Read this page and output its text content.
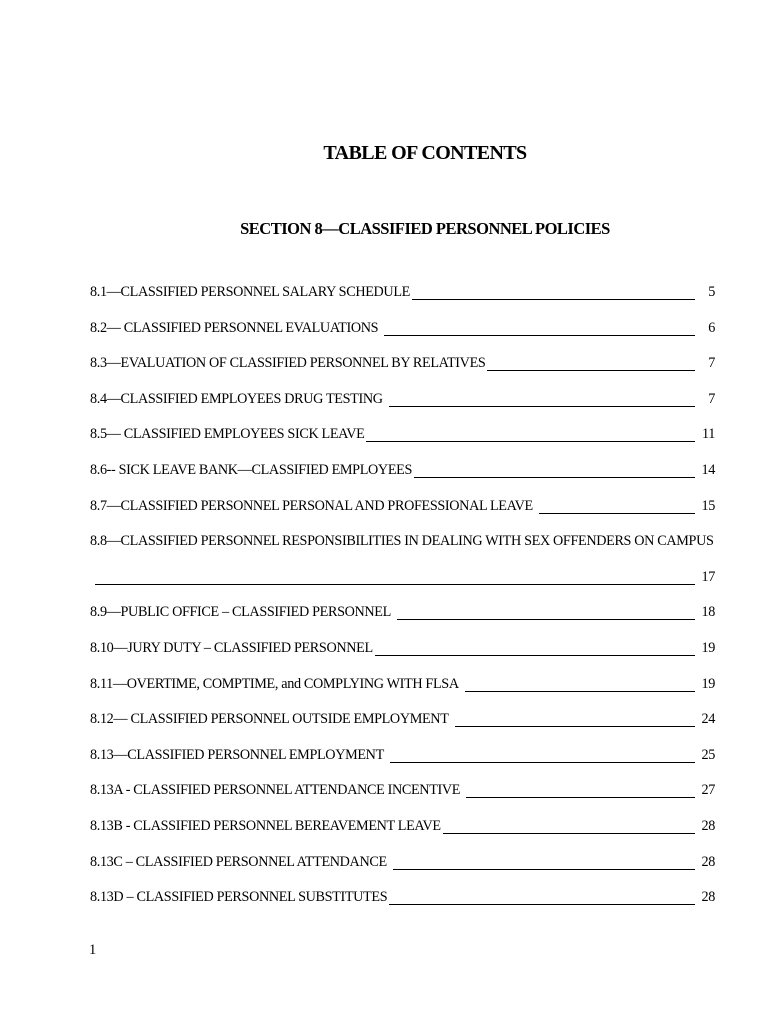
TABLE OF CONTENTS
SECTION 8—CLASSIFIED PERSONNEL POLICIES
8.1—CLASSIFIED PERSONNEL SALARY SCHEDULE	5
8.2— CLASSIFIED PERSONNEL EVALUATIONS	6
8.3—EVALUATION OF CLASSIFIED PERSONNEL BY RELATIVES	7
8.4—CLASSIFIED EMPLOYEES DRUG TESTING	7
8.5— CLASSIFIED EMPLOYEES SICK LEAVE	11
8.6-- SICK LEAVE BANK—CLASSIFIED EMPLOYEES	14
8.7—CLASSIFIED PERSONNEL PERSONAL AND PROFESSIONAL LEAVE	15
8.8—CLASSIFIED PERSONNEL RESPONSIBILITIES IN DEALING WITH SEX OFFENDERS ON CAMPUS
17
8.9—PUBLIC OFFICE – CLASSIFIED PERSONNEL	18
8.10—JURY DUTY – CLASSIFIED PERSONNEL	19
8.11—OVERTIME, COMPTIME, and COMPLYING WITH FLSA	19
8.12— CLASSIFIED PERSONNEL OUTSIDE EMPLOYMENT	24
8.13—CLASSIFIED PERSONNEL EMPLOYMENT	25
8.13A - CLASSIFIED PERSONNEL ATTENDANCE INCENTIVE	27
8.13B - CLASSIFIED PERSONNEL BEREAVEMENT LEAVE	28
8.13C – CLASSIFIED PERSONNEL ATTENDANCE	28
8.13D – CLASSIFIED PERSONNEL SUBSTITUTES	28
1
